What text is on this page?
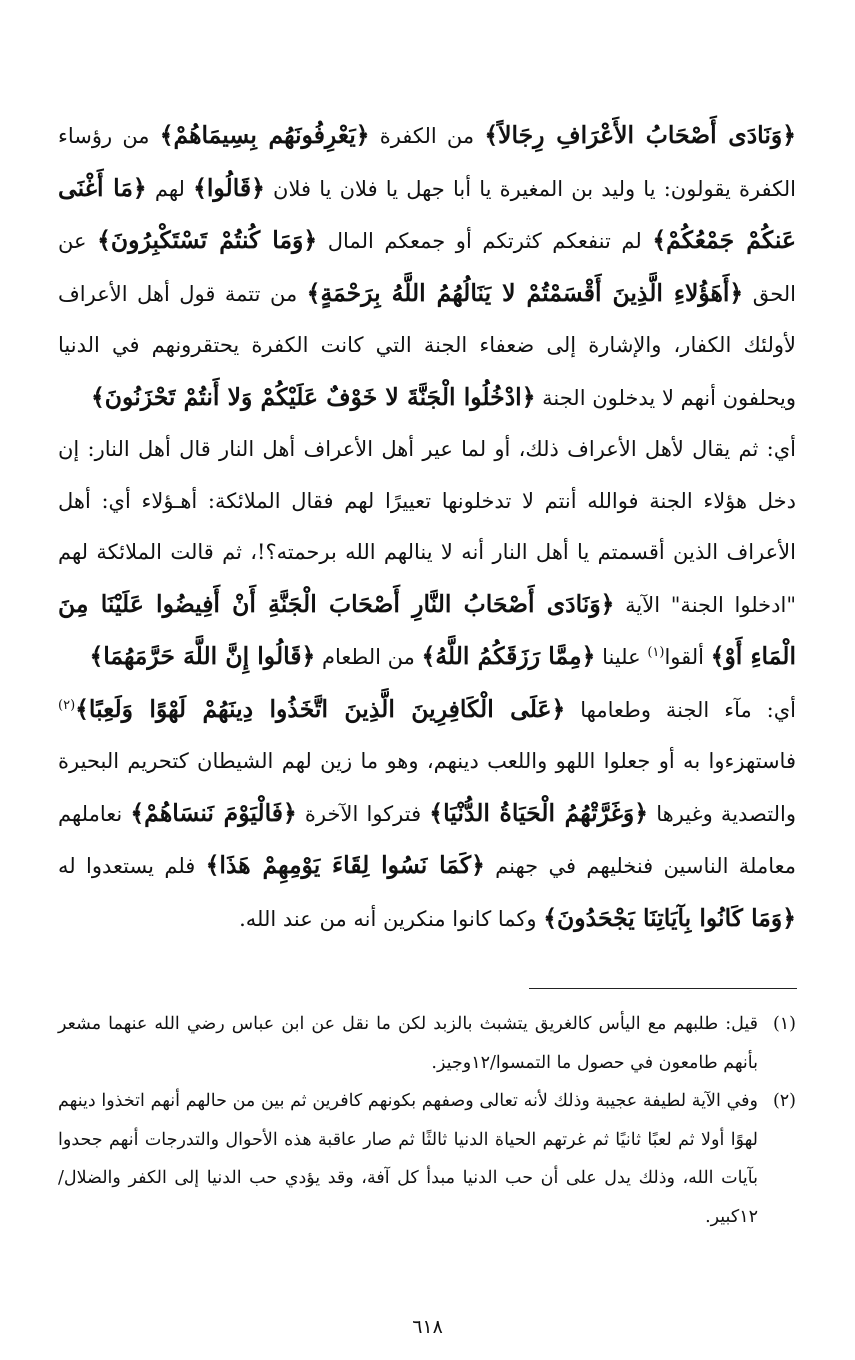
﴿وَنَادَى أَصْحَابُ الأَعْرَافِ رِجَالاً﴾ من الكفرة ﴿يَعْرِفُونَهُم بِسِيمَاهُمْ﴾ من رؤساء الكفرة يقولون: يا وليد بن المغيرة يا أبا جهل يا فلان يا فلان ﴿قَالُوا﴾ لهم ﴿مَا أَغْنَى عَنكُمْ جَمْعُكُمْ﴾ لم تنفعكم كثرتكم أو جمعكم المال ﴿وَمَا كُنتُمْ تَسْتَكْبِرُونَ﴾ عن الحق ﴿أَهَؤُلاءِ الَّذِينَ أَقْسَمْتُمْ لا يَنَالُهُمُ اللَّهُ بِرَحْمَةٍ﴾ من تتمة قول أهل الأعراف لأولئك الكفار، والإشارة إلى ضعفاء الجنة التي كانت الكفرة يحتقرونهم في الدنيا ويحلفون أنهم لا يدخلون الجنة ﴿ادْخُلُوا الْجَنَّةَ لا خَوْفٌ عَلَيْكُمْ وَلا أَنتُمْ تَحْزَنُونَ﴾

أي: ثم يقال لأهل الأعراف ذلك، أو لما عير أهل الأعراف أهل النار قال أهل النار: إن دخل هؤلاء الجنة فوالله أنتم لا تدخلونها تعييرًا لهم فقال الملائكة: أهـؤلاء أي: أهل الأعراف الذين أقسمتم يا أهل النار أنه لا ينالهم الله برحمته؟!، ثم قالت الملائكة لهم "ادخلوا الجنة" الآية ﴿وَنَادَى أَصْحَابُ النَّارِ أَصْحَابَ الْجَنَّةِ أَنْ أَفِيضُوا عَلَيْنَا مِنَ الْمَاءِ أَوْ﴾ ألقوا$^{(١)}$ علينا ﴿مِمَّا رَزَقَكُمُ اللَّهُ﴾ من الطعام ﴿قَالُوا إِنَّ اللَّهَ حَرَّمَهُمَا﴾

أي: مآء الجنة وطعامها ﴿عَلَى الْكَافِرِينَ الَّذِينَ اتَّخَذُوا دِينَهُمْ لَهْوًا وَلَعِبًا﴾$^{(٢)}$ فاستهزءوا به أو جعلوا اللهو واللعب دينهم، وهو ما زين لهم الشيطان كتحريم البحيرة والتصدية وغيرها ﴿وَغَرَّتْهُمُ الْحَيَاةُ الدُّنْيَا﴾ فتركوا الآخرة ﴿فَالْيَوْمَ نَنسَاهُمْ﴾ نعاملهم معاملة الناسين فنخليهم في جهنم ﴿كَمَا نَسُوا لِقَاءَ يَوْمِهِمْ هَذَا﴾ فلم يستعدوا له ﴿وَمَا كَانُوا بِآيَاتِنَا يَجْحَدُونَ﴾ وكما كانوا منكرين أنه من عند الله.

(١)
قيل: طلبهم مع اليأس كالغريق يتشبث بالزبد لكن ما نقل عن ابن عباس رضي الله عنهما مشعر بأنهم طامعون في حصول ما التمسوا/١٢وجيز.

(٢)
وفي الآية لطيفة عجيبة وذلك لأنه تعالى وصفهم بكونهم كافرين ثم بين من حالهم أنهم اتخذوا دينهم لهوًا أولا ثم لعبًا ثانيًا ثم غرتهم الحياة الدنيا ثالثًا ثم صار عاقبة هذه الأحوال والتدرجات أنهم جحدوا بآيات الله، وذلك يدل على أن حب الدنيا مبدأ كل آفة، وقد يؤدي حب الدنيا إلى الكفر والضلال/١٢كبير.

٦١٨
